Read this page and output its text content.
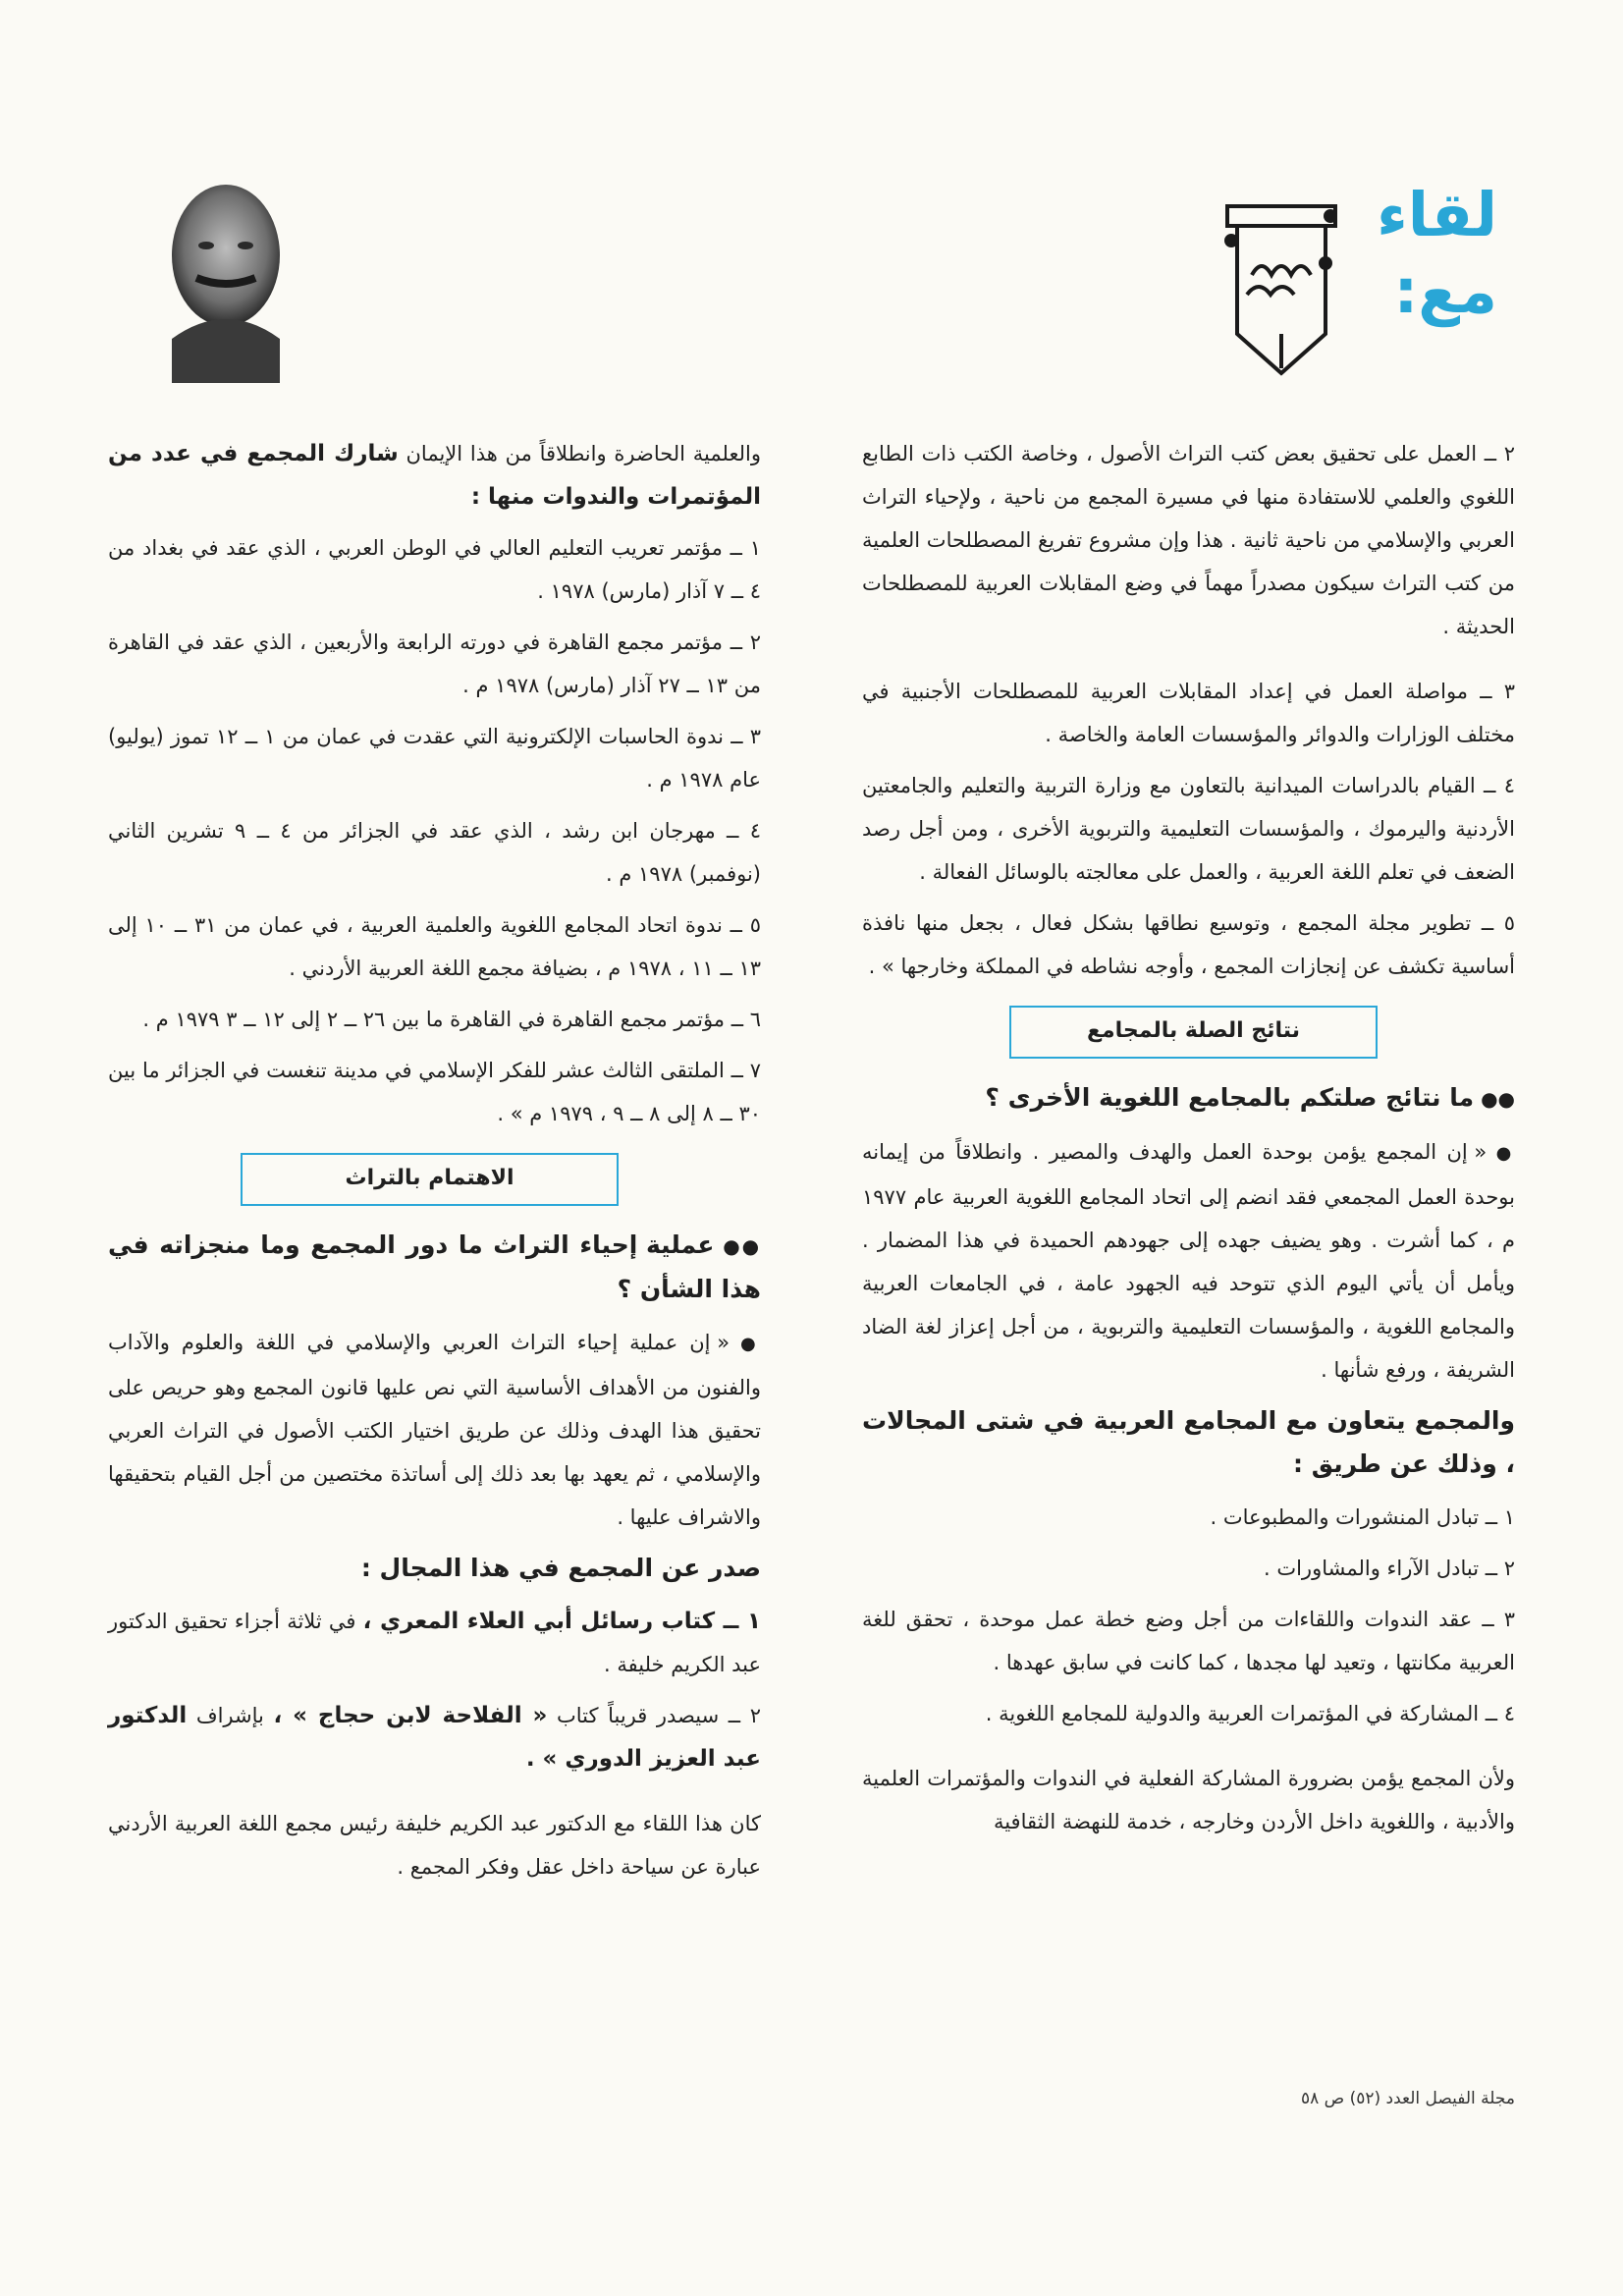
لقاء
مع:

٢ ــ العمل على تحقيق بعض كتب التراث الأصول ، وخاصة الكتب ذات الطابع اللغوي والعلمي للاستفادة منها في مسيرة المجمع من ناحية ، ولإحياء التراث العربي والإسلامي من ناحية ثانية . هذا وإن مشروع تفريغ المصطلحات العلمية من كتب التراث سيكون مصدراً مهماً في وضع المقابلات العربية للمصطلحات الحديثة .

٣ ــ مواصلة العمل في إعداد المقابلات العربية للمصطلحات الأجنبية في مختلف الوزارات والدوائر والمؤسسات العامة والخاصة .

٤ ــ القيام بالدراسات الميدانية بالتعاون مع وزارة التربية والتعليم والجامعتين الأردنية واليرموك ، والمؤسسات التعليمية والتربوية الأخرى ، ومن أجل رصد الضعف في تعلم اللغة العربية ، والعمل على معالجته بالوسائل الفعالة .

٥ ــ تطوير مجلة المجمع ، وتوسيع نطاقها بشكل فعال ، بجعل منها نافذة أساسية تكشف عن إنجازات المجمع ، وأوجه نشاطه في المملكة وخارجها » .

نتائج الصلة بالمجامع
●● ما نتائج صلتكم بالمجامع اللغوية الأخرى ؟

● « إن المجمع يؤمن بوحدة العمل والهدف والمصير . وانطلاقاً من إيمانه بوحدة العمل المجمعي فقد انضم إلى اتحاد المجامع اللغوية العربية عام ١٩٧٧ م ، كما أشرت . وهو يضيف جهده إلى جهودهم الحميدة في هذا المضمار . ويأمل أن يأتي اليوم الذي تتوحد فيه الجهود عامة ، في الجامعات العربية والمجامع اللغوية ، والمؤسسات التعليمية والتربوية ، من أجل إعزاز لغة الضاد الشريفة ، ورفع شأنها .

والمجمع يتعاون مع المجامع العربية في شتى المجالات ، وذلك عن طريق :

١ ــ تبادل المنشورات والمطبوعات .

٢ ــ تبادل الآراء والمشاورات .

٣ ــ عقد الندوات واللقاءات من أجل وضع خطة عمل موحدة ، تحقق للغة العربية مكانتها ، وتعيد لها مجدها ، كما كانت في سابق عهدها .

٤ ــ المشاركة في المؤتمرات العربية والدولية للمجامع اللغوية .

ولأن المجمع يؤمن بضرورة المشاركة الفعلية في الندوات والمؤتمرات العلمية والأدبية ، واللغوية داخل الأردن وخارجه ، خدمة للنهضة الثقافية

والعلمية الحاضرة وانطلاقاً من هذا الإيمان شارك المجمع في عدد من المؤتمرات والندوات منها :

١ ــ مؤتمر تعريب التعليم العالي في الوطن العربي ، الذي عقد في بغداد من ٤ ــ ٧ آذار (مارس) ١٩٧٨ .

٢ ــ مؤتمر مجمع القاهرة في دورته الرابعة والأربعين ، الذي عقد في القاهرة من ١٣ ــ ٢٧ آذار (مارس) ١٩٧٨ م .

٣ ــ ندوة الحاسبات الإلكترونية التي عقدت في عمان من ١ ــ ١٢ تموز (يوليو) عام ١٩٧٨ م .

٤ ــ مهرجان ابن رشد ، الذي عقد في الجزائر من ٤ ــ ٩ تشرين الثاني (نوفمبر) ١٩٧٨ م .

٥ ــ ندوة اتحاد المجامع اللغوية والعلمية العربية ، في عمان من ٣١ ــ ١٠ إلى ١٣ ــ ١١ ، ١٩٧٨ م ، بضيافة مجمع اللغة العربية الأردني .

٦ ــ مؤتمر مجمع القاهرة في القاهرة ما بين ٢٦ ــ ٢ إلى ١٢ ــ ٣ ١٩٧٩ م .

٧ ــ الملتقى الثالث عشر للفكر الإسلامي في مدينة تنغست في الجزائر ما بين ٣٠ ــ ٨ إلى ٨ ــ ٩ ، ١٩٧٩ م » .

الاهتمام بالتراث
●● عملية إحياء التراث ما دور المجمع وما منجزاته في هذا الشأن ؟

● « إن عملية إحياء التراث العربي والإسلامي في اللغة والعلوم والآداب والفنون من الأهداف الأساسية التي نص عليها قانون المجمع وهو حريص على تحقيق هذا الهدف وذلك عن طريق اختيار الكتب الأصول في التراث العربي والإسلامي ، ثم يعهد بها بعد ذلك إلى أساتذة مختصين من أجل القيام بتحقيقها والاشراف عليها .

صدر عن المجمع في هذا المجال :

١ ــ كتاب رسائل أبي العلاء المعري ، في ثلاثة أجزاء تحقيق الدكتور عبد الكريم خليفة .

٢ ــ سيصدر قريباً كتاب « الفلاحة لابن حجاج » ، بإشراف الدكتور عبد العزيز الدوري » .

كان هذا اللقاء مع الدكتور عبد الكريم خليفة رئيس مجمع اللغة العربية الأردني عبارة عن سياحة داخل عقل وفكر المجمع .

مجلة الفيصل العدد (٥٢) ص ٥٨
